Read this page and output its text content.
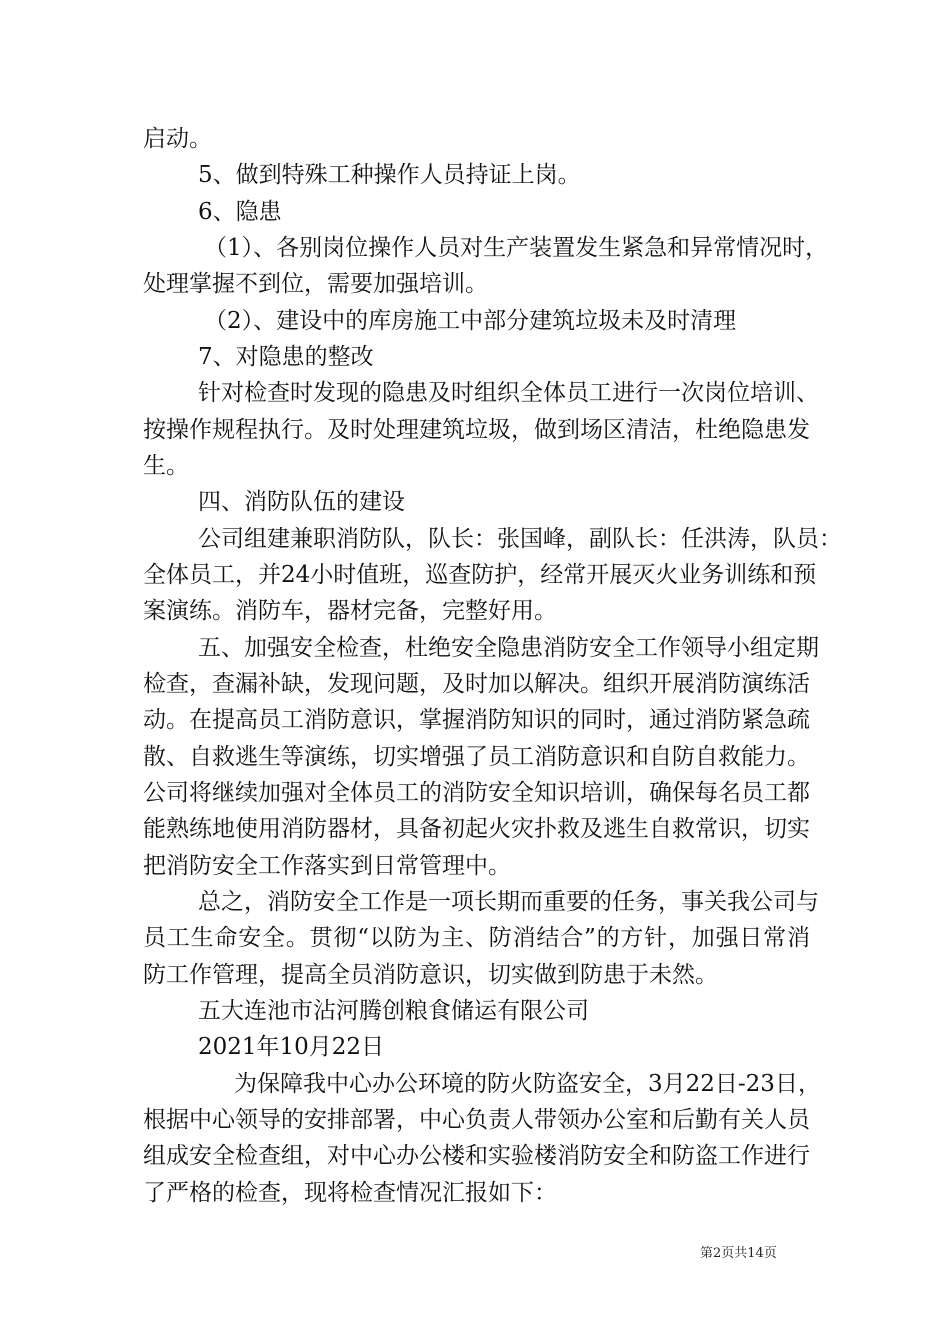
启动。
5、做到特殊工种操作人员持证上岗。
6、隐患
（1）、各别岗位操作人员对生产装置发生紧急和异常情况时，
处理掌握不到位，需要加强培训。
（2）、建设中的库房施工中部分建筑垃圾未及时清理
7、对隐患的整改
针对检查时发现的隐患及时组织全体员工进行一次岗位培训、
按操作规程执行。及时处理建筑垃圾，做到场区清洁，杜绝隐患发
生。
四、消防队伍的建设
公司组建兼职消防队，队长：张国峰，副队长：任洪涛，队员：
全体员工，并24小时值班，巡查防护，经常开展灭火业务训练和预
案演练。消防车，器材完备，完整好用。
五、加强安全检查，杜绝安全隐患消防安全工作领导小组定期
检查，查漏补缺，发现问题，及时加以解决。组织开展消防演练活
动。在提高员工消防意识，掌握消防知识的同时，通过消防紧急疏
散、自救逃生等演练，切实增强了员工消防意识和自防自救能力。
公司将继续加强对全体员工的消防安全知识培训，确保每名员工都
能熟练地使用消防器材，具备初起火灾扑救及逃生自救常识，切实
把消防安全工作落实到日常管理中。
总之，消防安全工作是一项长期而重要的任务，事关我公司与
员工生命安全。贯彻“以防为主、防消结合”的方针，加强日常消
防工作管理，提高全员消防意识，切实做到防患于未然。
五大连池市沾河腾创粮食储运有限公司
2021年10月22日
为保障我中心办公环境的防火防盗安全，3月22日-23日，
根据中心领导的安排部署，中心负责人带领办公室和后勤有关人员
组成安全检查组，对中心办公楼和实验楼消防安全和防盗工作进行
了严格的检查，现将检查情况汇报如下：
第2页共14页
